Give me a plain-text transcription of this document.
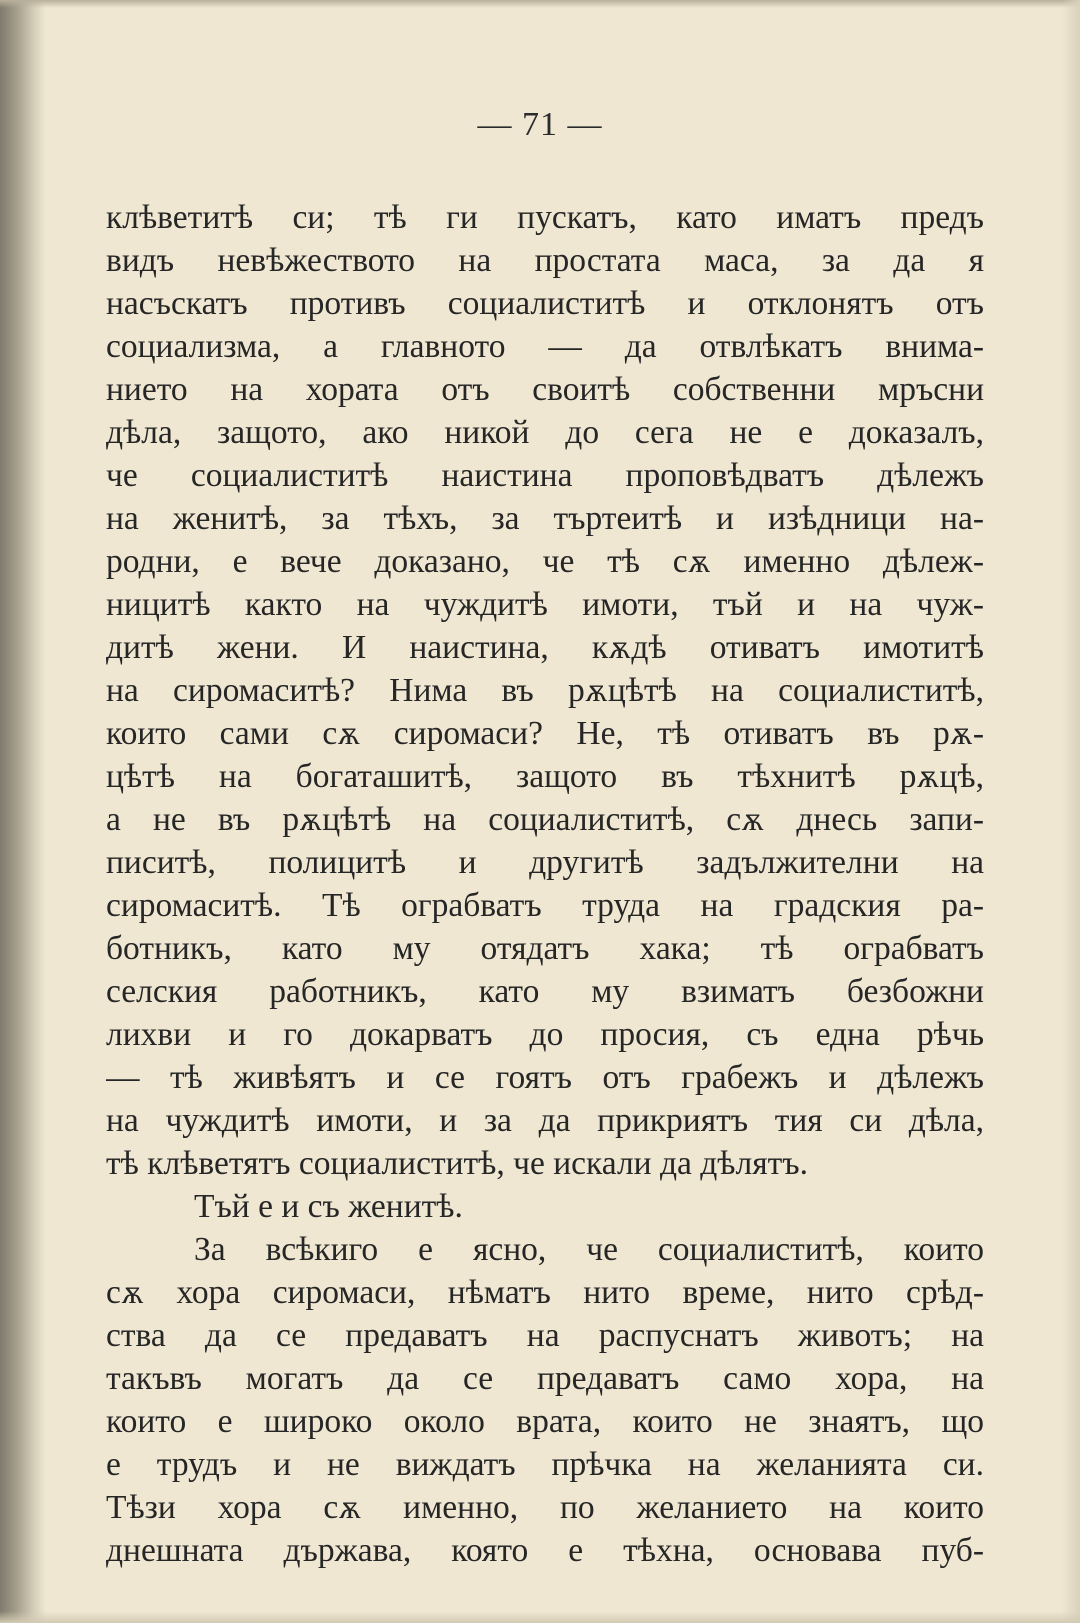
— 71 —
клѣветитѣ си; тѣ ги пускатъ, като иматъ предъ
видъ невѣжеството на простата маса, за да я
насъскатъ противъ социалиститѣ и отклонятъ отъ
социализма, а главното — да отвлѣкатъ внима-
нието на хората отъ своитѣ собственни мръсни
дѣла, защото, ако никой до сега не е доказалъ,
че социалиститѣ наистина проповѣдватъ дѣлежъ
на женитѣ, за тѣхъ, за търтеитѣ и изѣдници на-
родни, е вече доказано, че тѣ сѫ именно дѣлеж-
ницитѣ както на чуждитѣ имоти, тъй и на чуж-
дитѣ жени. И наистина, кѫдѣ отиватъ имотитѣ
на сиромаситѣ? Нима въ рѫцѣтѣ на социалиститѣ,
които сами сѫ сиромаси? Не, тѣ отиватъ въ рѫ-
цѣтѣ на богаташитѣ, защото въ тѣхнитѣ рѫцѣ,
а не въ рѫцѣтѣ на социалиститѣ, сѫ днесь запи-
писитѣ, полицитѣ и другитѣ задължителни на
сиромаситѣ. Тѣ ограбватъ труда на градския ра-
ботникъ, като му отядатъ хака; тѣ ограбватъ
селския работникъ, като му взиматъ безбожни
лихви и го докарватъ до просия, съ една рѣчь
— тѣ живѣятъ и се гоятъ отъ грабежъ и дѣлежъ
на чуждитѣ имоти, и за да прикриятъ тия си дѣла,
тѣ клѣветятъ социалиститѣ, че искали да дѣлятъ.
Тъй е и съ женитѣ.
За всѣкиго е ясно, че социалиститѣ, които
сѫ хора сиромаси, нѣматъ нито време, нито срѣд-
ства да се предаватъ на распуснатъ животъ; на
такъвъ могатъ да се предаватъ само хора, на
които е широко около врата, които не знаятъ, що
е трудъ и не виждатъ прѣчка на желанията си.
Тѣзи хора сѫ именно, по желанието на които
днешната държава, която е тѣхна, основава пуб-
